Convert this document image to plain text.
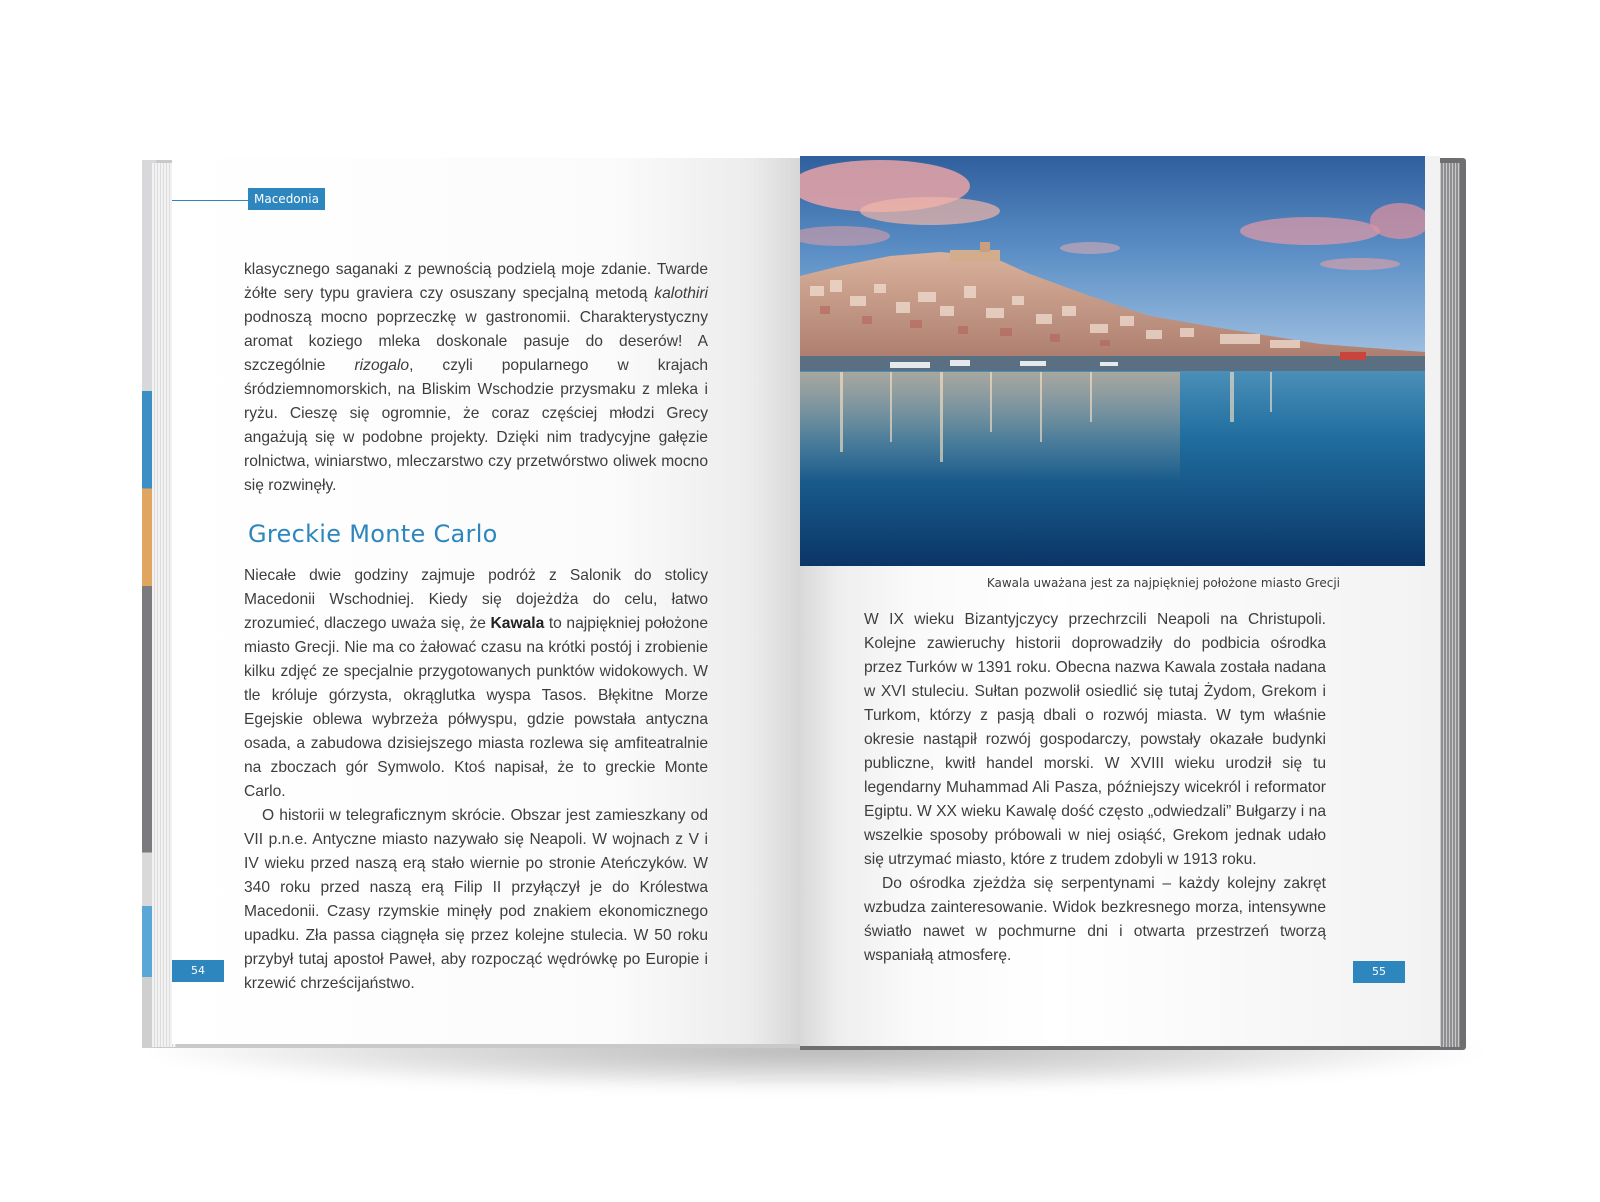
Macedonia

klasycznego saganaki z pewnością podzielą moje zdanie. Twarde żółte sery typu graviera czy osuszany specjalną metodą kalothiri podnoszą mocno poprzeczkę w gastronomii. Charakterystyczny aromat koziego mleka doskonale pasuje do deserów! A szczególnie rizogalo, czyli popularnego w krajach śródziemnomorskich, na Bliskim Wschodzie przysmaku z mleka i ryżu. Cieszę się ogromnie, że coraz częściej młodzi Grecy angażują się w podobne projekty. Dzięki nim tradycyjne gałęzie rolnictwa, winiarstwo, mleczarstwo czy przetwórstwo oliwek mocno się rozwinęły.

Greckie Monte Carlo

Niecałe dwie godziny zajmuje podróż z Salonik do stolicy Macedonii Wschodniej. Kiedy się dojeżdża do celu, łatwo zrozumieć, dlaczego uważa się, że Kawala to najpiękniej położone miasto Grecji. Nie ma co żałować czasu na krótki postój i zrobienie kilku zdjęć ze specjalnie przygotowanych punktów widokowych. W tle króluje górzysta, okrąglutka wyspa Tasos. Błękitne Morze Egejskie oblewa wybrzeża półwyspu, gdzie powstała antyczna osada, a zabudowa dzisiejszego miasta rozlewa się amfiteatralnie na zboczach gór Symwolo. Ktoś napisał, że to greckie Monte Carlo.

O historii w telegraficznym skrócie. Obszar jest zamieszkany od VII p.n.e. Antyczne miasto nazywało się Neapoli. W wojnach z V i IV wieku przed naszą erą stało wiernie po stronie Ateńczyków. W 340 roku przed naszą erą Filip II przyłączył je do Królestwa Macedonii. Czasy rzymskie minęły pod znakiem ekonomicznego upadku. Zła passa ciągnęła się przez kolejne stulecia. W 50 roku przybył tutaj apostoł Paweł, aby rozpocząć wędrówkę po Europie i krzewić chrześcijaństwo.

54

Kawala uważana jest za najpiękniej położone miasto Grecji

W IX wieku Bizantyjczycy przechrzcili Neapoli na Christupoli. Kolejne zawieruchy historii doprowadziły do podbicia ośrodka przez Turków w 1391 roku. Obecna nazwa Kawala została nadana w XVI stuleciu. Sułtan pozwolił osiedlić się tutaj Żydom, Grekom i Turkom, którzy z pasją dbali o rozwój miasta. W tym właśnie okresie nastąpił rozwój gospodarczy, powstały okazałe budynki publiczne, kwitł handel morski. W XVIII wieku urodził się tu legendarny Muhammad Ali Pasza, późniejszy wicekról i reformator Egiptu. W XX wieku Kawalę dość często „odwiedzali” Bułgarzy i na wszelkie sposoby próbowali w niej osiąść, Grekom jednak udało się utrzymać miasto, które z trudem zdobyli w 1913 roku.

Do ośrodka zjeżdża się serpentynami – każdy kolejny zakręt wzbudza zainteresowanie. Widok bezkresnego morza, intensywne światło nawet w pochmurne dni i otwarta przestrzeń tworzą wspaniałą atmosferę.

55
